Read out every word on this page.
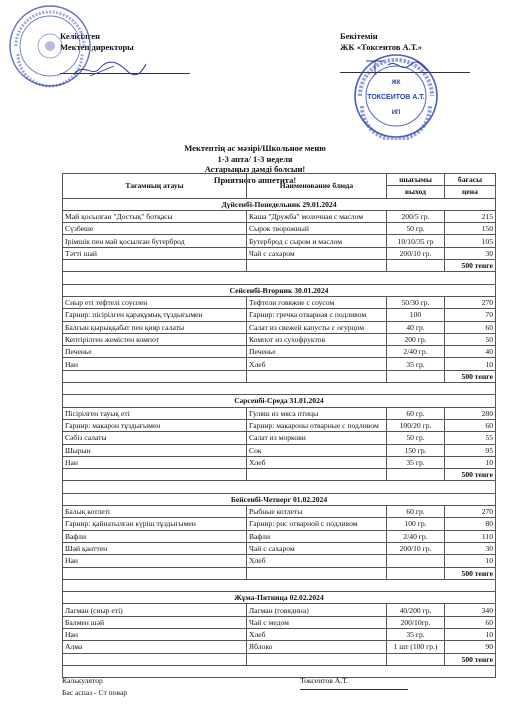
Келісілген
Мектеп директоры
Бекітемін
ЖК «Токсеитов А.Т.»
ЖК
ТОКСЕИТОВ А.Т.
ИП
Мектептің ас мәзірі/Школьное меню
1-3 апта/ 1-3 неделя
Астарыңыз дәмді болсын!
Приятного аппетита!
Тағамның атауы	Наименование блюда	шығымы	бағасы
		выход	цена
Дүйсенбі-Понедельник 29.01.2024			
Май қосылған "Достық" ботқасы	Каша "Дружба" молочная с маслом	200/5 гр.	215
Сүзбеше	Сырок творожный	50 гр.	150
Ірімшік пен май қосылған бутерброд	Бутерброд с сыром и маслом	10/10/35 гр	105
Тәтті шай	Чай с сахаром	200/10 гр.	30
			500 тенге

Сейсенбі-Вторник 30.01.2024			
Сиыр еті тефтелі соуспен	Тефтели говяжие с соусом	50/30 гр.	270
Гарнир: пісірілген қарақұмық тұздығымен	Гарнир: гречка отварная с подливом	100	70
Балғын қырыққабат пен қияр салаты	Салат из свежей капусты с огурцом	40 гр.	60
Кептірілген жемістен компот	Компот из сухофруктов	200 гр.	50
Печенье	Печенье	2/40 гр.	40
Нан	Хлеб	35 гр.	10
			500 тенге

Сәрсенбі-Среда 31.01.2024			
Пісірілген тауық еті	Гуляш из мяса птицы	60 гр.	280
Гарнир: макарон тұздығымен	Гарнир: макароны отварные с подливом	100/20 гр.	60
Сәбіз салаты	Салат из моркови	50 гр.	55
Шырын	Сок	150 гр.	95
Нан	Хлеб	35 гр.	10
			500 тенге

Бейсенбі-Четверг 01.02.2024			
Балық котлеті	Рыбные котлеты	60 гр.	270
Гарнир: қайнатылған күріш тұздығымен	Гарнир: рис отварной с подливом	100 гр.	80
Вафли	Вафли	2/40 гр.	110
Шәй қанттен	Чай с сахаром	200/10 гр.	30
Нан	Хлеб		10
			500 тенге

Жұма-Пятница 02.02.2024			
Лагман (сиыр еті)	Лагман (говядина)	40/200 гр.	340
Балмен шәй	Чай с медом	200/10гр.	60
Нан	Хлеб	35 гр.	10
Алма	Яблоко	1 шт (100 гр.)	90
			500 тенге

Калькулятор
Бас аспаз - Ст повар
Токсеитов А.Т.
